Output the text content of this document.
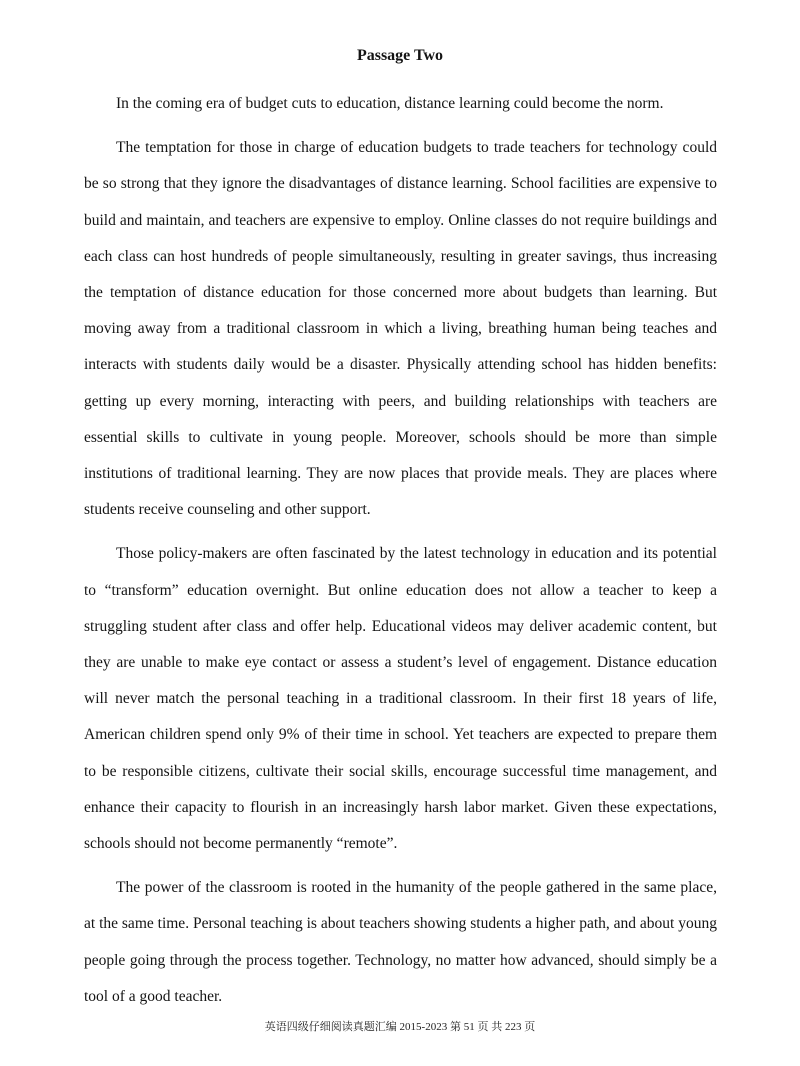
Passage Two

In the coming era of budget cuts to education, distance learning could become the norm.

The temptation for those in charge of education budgets to trade teachers for technology could be so strong that they ignore the disadvantages of distance learning. School facilities are expensive to build and maintain, and teachers are expensive to employ. Online classes do not require buildings and each class can host hundreds of people simultaneously, resulting in greater savings, thus increasing the temptation of distance education for those concerned more about budgets than learning. But moving away from a traditional classroom in which a living, breathing human being teaches and interacts with students daily would be a disaster. Physically attending school has hidden benefits: getting up every morning, interacting with peers, and building relationships with teachers are essential skills to cultivate in young people. Moreover, schools should be more than simple institutions of traditional learning. They are now places that provide meals. They are places where students receive counseling and other support.

Those policy-makers are often fascinated by the latest technology in education and its potential to “transform” education overnight. But online education does not allow a teacher to keep a struggling student after class and offer help. Educational videos may deliver academic content, but they are unable to make eye contact or assess a student’s level of engagement. Distance education will never match the personal teaching in a traditional classroom. In their first 18 years of life, American children spend only 9% of their time in school. Yet teachers are expected to prepare them to be responsible citizens, cultivate their social skills, encourage successful time management, and enhance their capacity to flourish in an increasingly harsh labor market. Given these expectations, schools should not become permanently “remote”.

The power of the classroom is rooted in the humanity of the people gathered in the same place, at the same time. Personal teaching is about teachers showing students a higher path, and about young people going through the process together. Technology, no matter how advanced, should simply be a tool of a good teacher.

英语四级仔细阅读真题汇编 2015-2023 第 51 页 共 223 页
